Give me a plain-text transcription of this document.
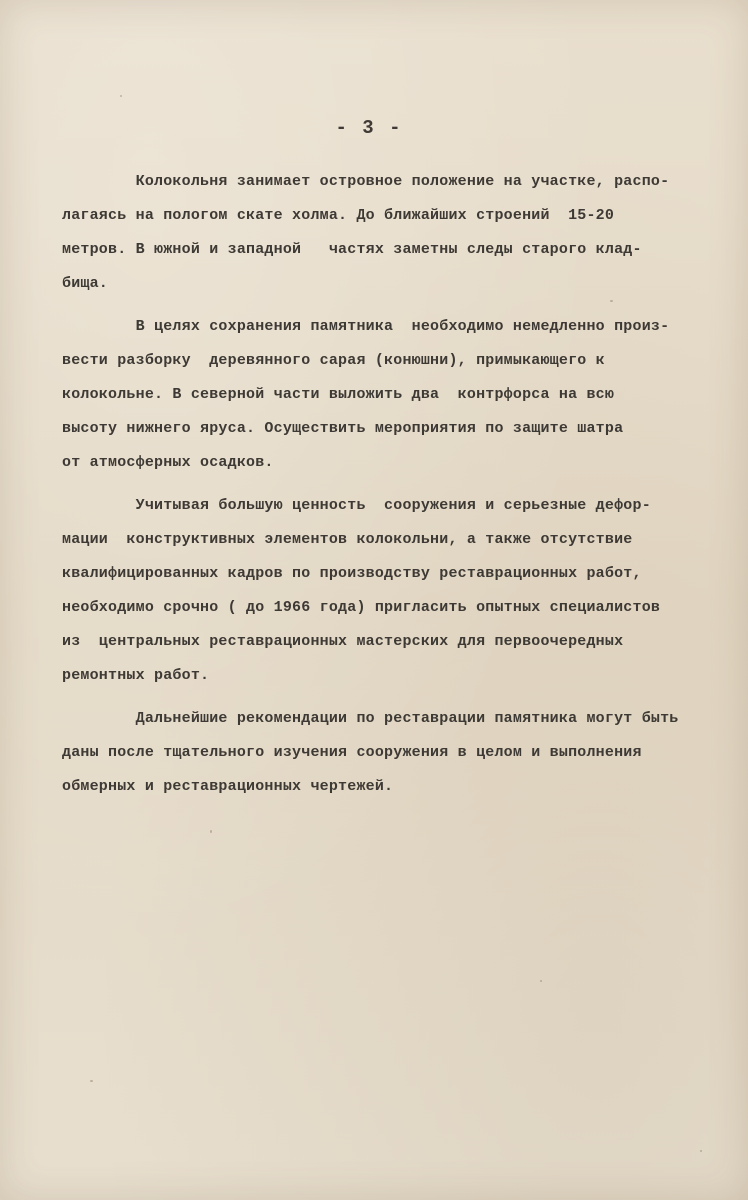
- 3 -

Колокольня занимает островное положение на участке, распо-
лагаясь на пологом скате холма. До ближайших строений  15-20
метров. В южной и западной   частях заметны следы старого клад-
бища.

В целях сохранения памятника  необходимо немедленно произ-
вести разборку  деревянного сарая (конюшни), примыкающего к
колокольне. В северной части выложить два  контрфорса на всю
высоту нижнего яруса. Осуществить мероприятия по защите шатра
от атмосферных осадков.

Учитывая большую ценность  сооружения и серьезные дефор-
мации  конструктивных элементов колокольни, а также отсутствие
квалифицированных кадров по производству реставрационных работ,
необходимо срочно ( до 1966 года) пригласить опытных специалистов
из  центральных реставрационных мастерских для первоочередных
ремонтных работ.

Дальнейшие рекомендации по реставрации памятника могут быть
даны после тщательного изучения сооружения в целом и выполнения
обмерных и реставрационных чертежей.
